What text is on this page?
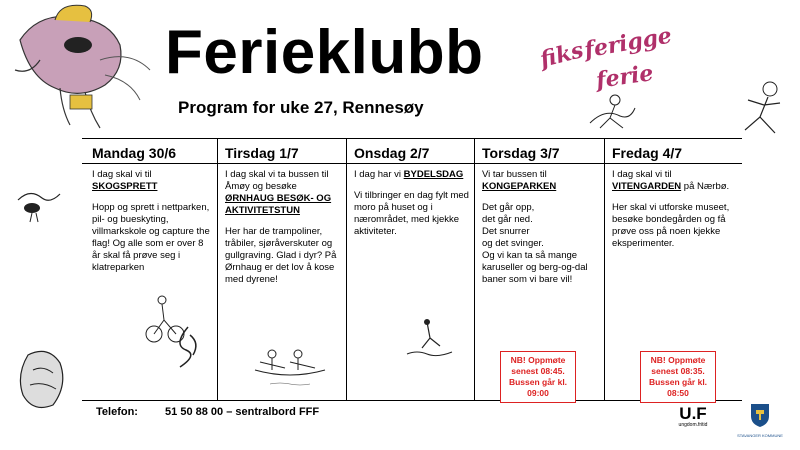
Ferieklubb
Program for uke 27, Rennesøy
fiks
ferigge
ferie
Mandag 30/6

I dag skal vi til
SKOGSPRETT

Hopp og sprett i nettparken, pil- og bueskyting, villmarkskole og capture the flag! Og alle som er over 8 år skal få prøve seg i klatreparken

Tirsdag 1/7

I dag skal vi ta bussen til Åmøy og besøke
ØRNHAUG BESØK- OG AKTIVITETSTUN

Her har de trampoliner, tråbiler, sjøråverskuter og gullgraving. Glad i dyr? På Ørnhaug er det lov å kose med dyrene!

Onsdag 2/7

I dag har vi BYDELSDAG

Vi tilbringer en dag fylt med moro på huset og i nærområdet, med kjekke aktiviteter.

Torsdag 3/7

Vi tar bussen til
KONGEPARKEN

Det går opp,
det går ned.
Det snurrer
og det svinger.
Og vi kan ta så mange karuseller og berg-og-dal baner som vi bare vil!

NB! Oppmøte senest 08:45. Bussen går kl. 09:00
Fredag 4/7

I dag skal vi til
VITENGARDEN på Nærbø.

Her skal vi utforske museet, besøke bondegården og få prøve oss på noen kjekke eksperimenter.

NB! Oppmøte senest 08:35. Bussen går kl. 08:50
Telefon: 51 50 88 00 – sentralbord FFF	U.F
ungdom.fritid
STAVANGER KOMMUNE
